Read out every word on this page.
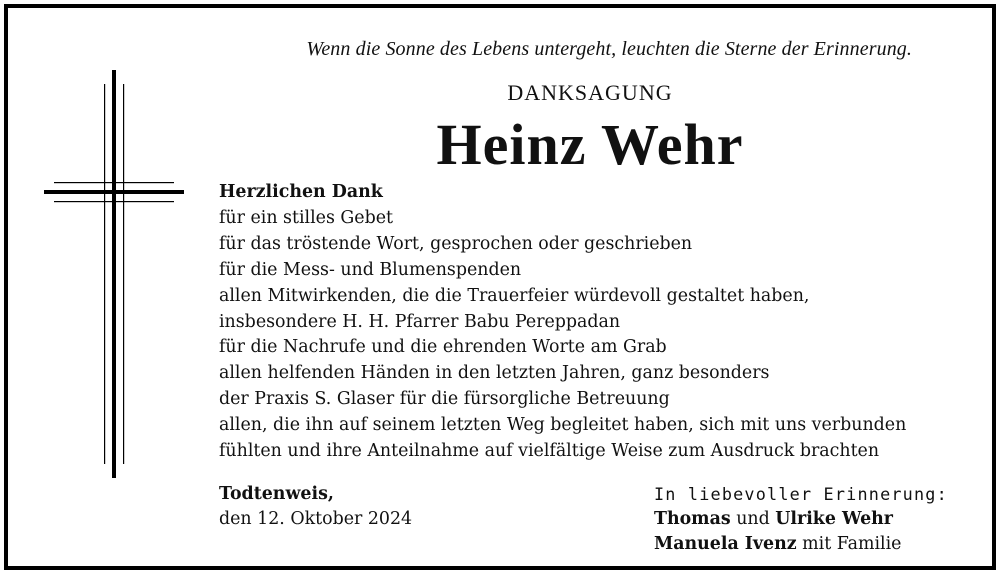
Wenn die Sonne des Lebens untergeht, leuchten die Sterne der Erinnerung.
DANKSAGUNG
Heinz Wehr
Herzlichen Dank
für ein stilles Gebet
für das tröstende Wort, gesprochen oder geschrieben
für die Mess- und Blumenspenden
allen Mitwirkenden, die die Trauerfeier würdevoll gestaltet haben,
insbesondere H. H. Pfarrer Babu Pereppadan
für die Nachrufe und die ehrenden Worte am Grab
allen helfenden Händen in den letzten Jahren, ganz besonders
der Praxis S. Glaser für die fürsorgliche Betreuung
allen, die ihn auf seinem letzten Weg begleitet haben, sich mit uns verbunden
fühlten und ihre Anteilnahme auf vielfältige Weise zum Ausdruck brachten
Todtenweis,
den 12. Oktober 2024
In liebevoller Erinnerung:
Thomas und Ulrike Wehr
Manuela Ivenz mit Familie
